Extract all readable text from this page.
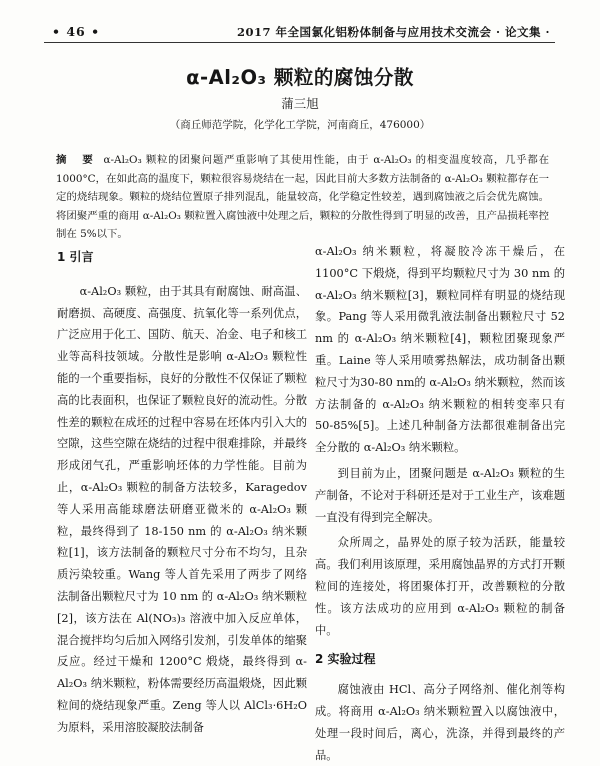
• 46 •	2017 年全国氯化铝粉体制备与应用技术交流会 · 论文集 ·
α-Al₂O₃ 颗粒的腐蚀分散
蒲三旭
（商丘师范学院，化学化工学院，河南商丘，476000）
摘　要 α-Al₂O₃ 颗粒的团聚问题严重影响了其使用性能，由于 α-Al₂O₃ 的相变温度较高，几乎都在 1000°C，在如此高的温度下，颗粒很容易烧结在一起，因此目前大多数方法制备的 α-Al₂O₃ 颗粒都存在一定的烧结现象。颗粒的烧结位置原子排列混乱，能量较高，化学稳定性较差，遇到腐蚀液之后会优先腐蚀。将团聚严重的商用 α-Al₂O₃ 颗粒置入腐蚀液中处理之后，颗粒的分散性得到了明显的改善，且产品损耗率控制在 5%以下。
1 引言

α-Al₂O₃ 颗粒，由于其具有耐腐蚀、耐高温、耐磨损、高硬度、高强度、抗氧化等一系列优点，广泛应用于化工、国防、航天、冶金、电子和核工业等高科技领域。分散性是影响 α-Al₂O₃ 颗粒性能的一个重要指标，良好的分散性不仅保证了颗粒高的比表面积，也保证了颗粒良好的流动性。分散性差的颗粒在成坯的过程中容易在坯体内引入大的空隙，这些空隙在烧结的过程中很难排除，并最终形成闭气孔，严重影响坯体的力学性能。目前为止，α-Al₂O₃ 颗粒的制备方法较多，Karagedov 等人采用高能球磨法研磨亚微米的 α-Al₂O₃ 颗粒，最终得到了 18-150 nm 的 α-Al₂O₃ 纳米颗粒[1]，该方法制备的颗粒尺寸分布不均匀，且杂质污染较重。Wang 等人首先采用了两步了网络法制备出颗粒尺寸为 10 nm 的 α-Al₂O₃ 纳米颗粒[2]，该方法在 Al(NO₃)₃ 溶液中加入反应单体，混合搅拌均匀后加入网络引发剂，引发单体的缩聚反应。经过干燥和 1200°C 煅烧，最终得到 α-Al₂O₃ 纳米颗粒，粉体需要经历高温煅烧，因此颗粒间的烧结现象严重。Zeng 等人以 AlCl₃·6H₂O 为原料，采用溶胶凝胶法制备

α-Al₂O₃ 纳米颗粒，将凝胶冷冻干燥后，在 1100°C 下煅烧，得到平均颗粒尺寸为 30 nm 的 α-Al₂O₃ 纳米颗粒[3]，颗粒同样有明显的烧结现象。Pang 等人采用微乳液法制备出颗粒尺寸 52 nm 的 α-Al₂O₃ 纳米颗粒[4]，颗粒团聚现象严重。Laine 等人采用喷雾热解法，成功制备出颗粒尺寸为30-80 nm的 α-Al₂O₃ 纳米颗粒，然而该方法制备的 α-Al₂O₃ 纳米颗粒的相转变率只有 50-85%[5]。上述几种制备方法都很难制备出完全分散的 α-Al₂O₃ 纳米颗粒。

到目前为止，团聚问题是 α-Al₂O₃ 颗粒的生产制备，不论对于科研还是对于工业生产，该难题一直没有得到完全解决。

众所周之，晶界处的原子较为活跃，能量较高。我们利用该原理，采用腐蚀晶界的方式打开颗粒间的连接处，将团聚体打开，改善颗粒的分散性。该方法成功的应用到 α-Al₂O₃ 颗粒的制备中。

2 实验过程

腐蚀液由 HCl、高分子网络剂、催化剂等构成。将商用 α-Al₂O₃ 纳米颗粒置入以腐蚀液中，处理一段时间后，离心，洗涤，并得到最终的产品。
